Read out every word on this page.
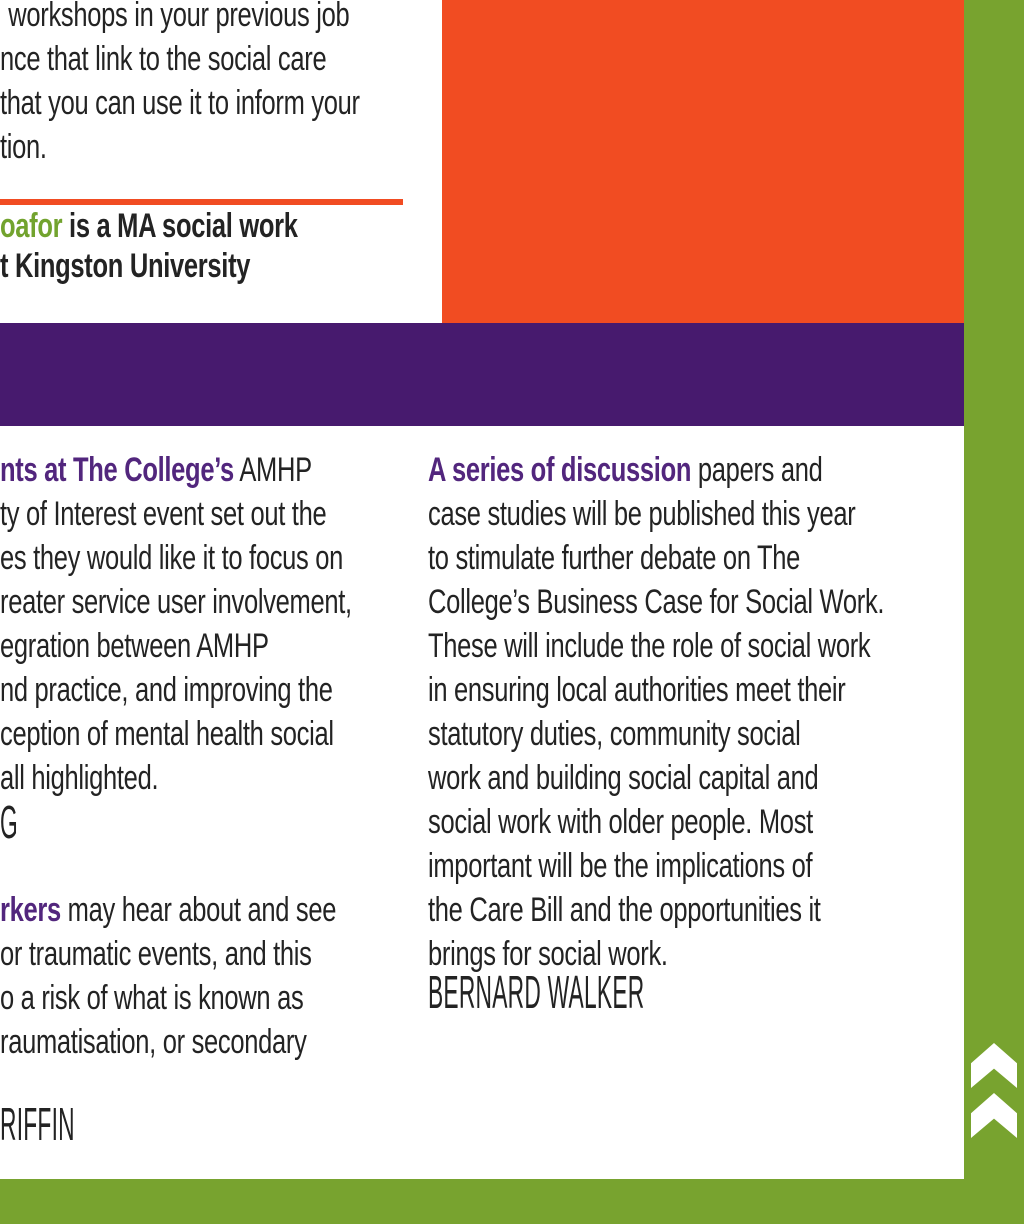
workshops in your previous job
nce that link to the social care
that you can use it to inform your
tion.
oafor is a MA social work
t Kingston University
nts at The College’s AMHP
ty of Interest event set out the
es they would like it to focus on
reater service user involvement,
egration between AMHP
nd practice, and improving the
ception of mental health social
all highlighted.
G
rkers may hear about and see
or traumatic events, and this
o a risk of what is known as
raumatisation, or secondary
RIFFIN
A series of discussion papers and
case studies will be published this year
to stimulate further debate on The
College’s Business Case for Social Work.
These will include the role of social work
in ensuring local authorities meet their
statutory duties, community social
work and building social capital and
social work with older people. Most
important will be the implications of
the Care Bill and the opportunities it
brings for social work.
BERNARD WALKER
